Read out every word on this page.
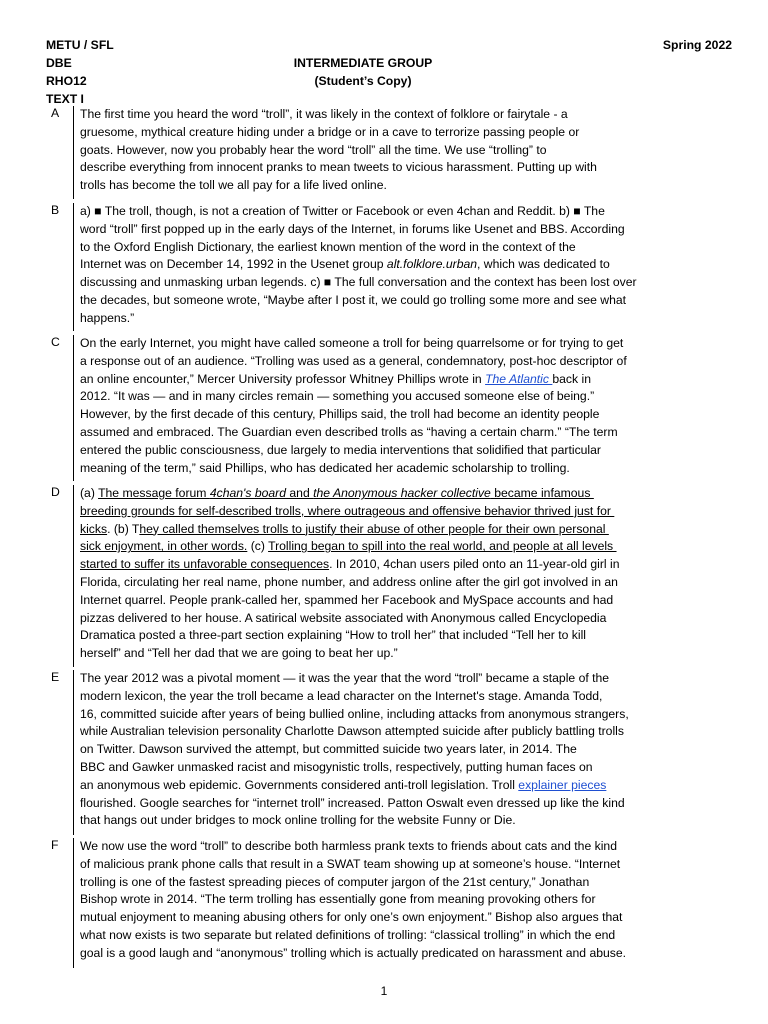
METU / SFL	Spring 2022
DBE	INTERMEDIATE GROUP
RHO12	(Student’s Copy)
TEXT I
A	The first time you heard the word “troll”, it was likely in the context of folklore or fairytale - a
gruesome, mythical creature hiding under a bridge or in a cave to terrorize passing people or
goats. However, now you probably hear the word “troll” all the time. We use “trolling” to
describe everything from innocent pranks to mean tweets to vicious harassment. Putting up with
trolls has become the toll we all pay for a life lived online.
B	a) ■ The troll, though, is not a creation of Twitter or Facebook or even 4chan and Reddit. b) ■ The
word “troll” first popped up in the early days of the Internet, in forums like Usenet and BBS. According
to the Oxford English Dictionary, the earliest known mention of the word in the context of the
Internet was on December 14, 1992 in the Usenet group alt.folklore.urban, which was dedicated to
discussing and unmasking urban legends. c) ■ The full conversation and the context has been lost over
the decades, but someone wrote, “Maybe after I post it, we could go trolling some more and see what
happens.”
C	On the early Internet, you might have called someone a troll for being quarrelsome or for trying to get
a response out of an audience. “Trolling was used as a general, condemnatory, post-hoc descriptor of
an online encounter,” Mercer University professor Whitney Phillips wrote in The Atlantic back in
2012. “It was — and in many circles remain — something you accused someone else of being.”
However, by the first decade of this century, Phillips said, the troll had become an identity people
assumed and embraced. The Guardian even described trolls as “having a certain charm.” “The term
entered the public consciousness, due largely to media interventions that solidified that particular
meaning of the term,” said Phillips, who has dedicated her academic scholarship to trolling.
D	(a) The message forum 4chan's board and the Anonymous hacker collective became infamous
breeding grounds for self-described trolls, where outrageous and offensive behavior thrived just for
kicks. (b) They called themselves trolls to justify their abuse of other people for their own personal
sick enjoyment, in other words. (c) Trolling began to spill into the real world, and people at all levels
started to suffer its unfavorable consequences. In 2010, 4chan users piled onto an 11-year-old girl in
Florida, circulating her real name, phone number, and address online after the girl got involved in an
Internet quarrel. People prank-called her, spammed her Facebook and MySpace accounts and had
pizzas delivered to her house. A satirical website associated with Anonymous called Encyclopedia
Dramatica posted a three-part section explaining “How to troll her” that included “Tell her to kill
herself” and “Tell her dad that we are going to beat her up.”
E	The year 2012 was a pivotal moment — it was the year that the word “troll” became a staple of the
modern lexicon, the year the troll became a lead character on the Internet's stage. Amanda Todd,
16, committed suicide after years of being bullied online, including attacks from anonymous strangers,
while Australian television personality Charlotte Dawson attempted suicide after publicly battling trolls
on Twitter. Dawson survived the attempt, but committed suicide two years later, in 2014. The
BBC and Gawker unmasked racist and misogynistic trolls, respectively, putting human faces on
an anonymous web epidemic. Governments considered anti-troll legislation. Troll explainer pieces
flourished. Google searches for “internet troll” increased. Patton Oswalt even dressed up like the kind
that hangs out under bridges to mock online trolling for the website Funny or Die.
F	We now use the word “troll” to describe both harmless prank texts to friends about cats and the kind
of malicious prank phone calls that result in a SWAT team showing up at someone’s house. “Internet
trolling is one of the fastest spreading pieces of computer jargon of the 21st century,” Jonathan
Bishop wrote in 2014. “The term trolling has essentially gone from meaning provoking others for
mutual enjoyment to meaning abusing others for only one’s own enjoyment.” Bishop also argues that
what now exists is two separate but related definitions of trolling: “classical trolling” in which the end
goal is a good laugh and “anonymous” trolling which is actually predicated on harassment and abuse.
1
